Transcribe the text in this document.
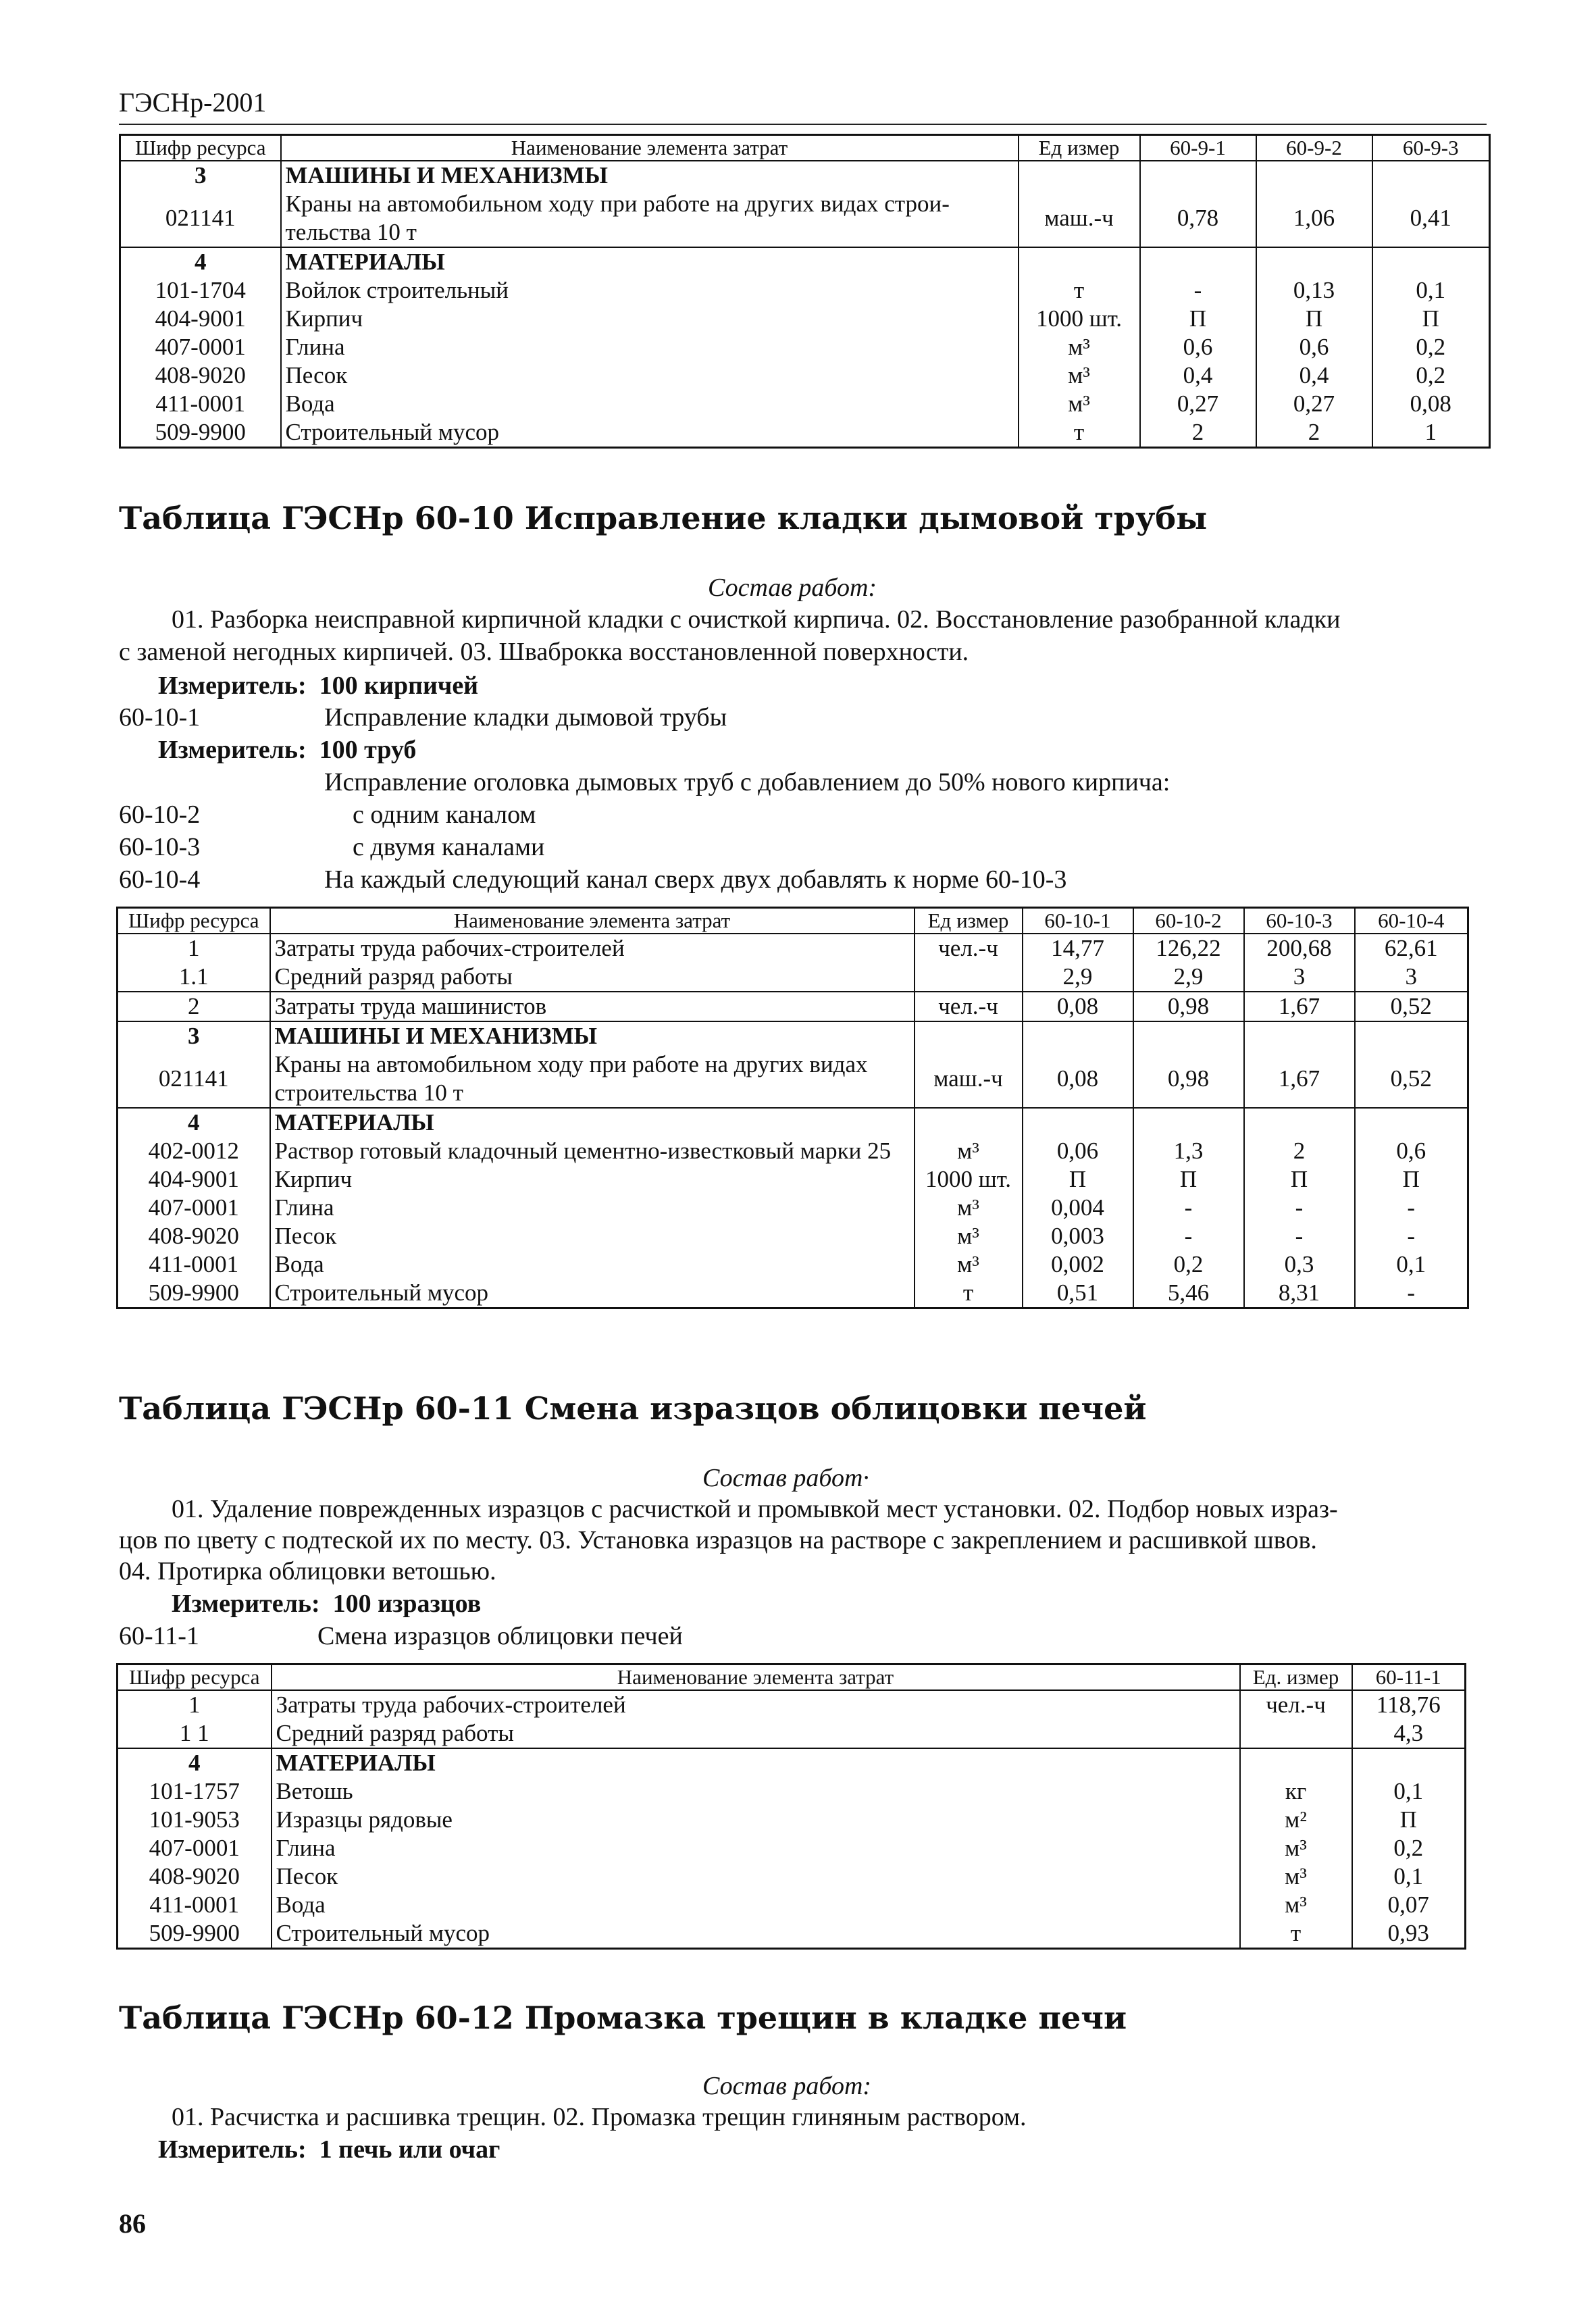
ГЭСНр-2001
Шифр ресурса	Наименование элемента затрат	Ед измер	60-9-1	60-9-2	60-9-3
3	МАШИНЫ И МЕХАНИЗМЫ				
021141	Краны на автомобильном ходу при работе на других видах строи-тельства 10 т	маш.-ч	0,78	1,06	0,41
4	МАТЕРИАЛЫ				
101-1704	Войлок строительный	т	-	0,13	0,1
404-9001	Кирпич	1000 шт.	П	П	П
407-0001	Глина	м³	0,6	0,6	0,2
408-9020	Песок	м³	0,4	0,4	0,2
411-0001	Вода	м³	0,27	0,27	0,08
509-9900	Строительный мусор	т	2	2	1
Таблица ГЭСНр 60-10 Исправление кладки дымовой трубы
Состав работ:
01. Разборка неисправной кирпичной кладки с очисткой кирпича. 02. Восстановление разобранной кладки
с заменой негодных кирпичей. 03. Шваброкка восстановленной поверхности.
Измеритель: 100 кирпичей
60-10-1	Исправление кладки дымовой трубы
Измеритель: 100 труб
Исправление оголовка дымовых труб с добавлением до 50% нового кирпича:
60-10-2	с одним каналом
60-10-3	с двумя каналами
60-10-4	На каждый следующий канал сверх двух добавлять к норме 60-10-3
Шифр ресурса	Наименование элемента затрат	Ед измер	60-10-1	60-10-2	60-10-3	60-10-4
1	Затраты труда рабочих-строителей	чел.-ч	14,77	126,22	200,68	62,61
1.1	Средний разряд работы		2,9	2,9	3	3
2	Затраты труда машинистов	чел.-ч	0,08	0,98	1,67	0,52
3	МАШИНЫ И МЕХАНИЗМЫ					
021141	Краны на автомобильном ходу при работе на других видах строительства 10 т	маш.-ч	0,08	0,98	1,67	0,52
4	МАТЕРИАЛЫ					
402-0012	Раствор готовый кладочный цементно-известковый марки 25	м³	0,06	1,3	2	0,6
404-9001	Кирпич	1000 шт.	П	П	П	П
407-0001	Глина	м³	0,004	-	-	-
408-9020	Песок	м³	0,003	-	-	-
411-0001	Вода	м³	0,002	0,2	0,3	0,1
509-9900	Строительный мусор	т	0,51	5,46	8,31	-
Таблица ГЭСНр 60-11 Смена изразцов облицовки печей
Состав работ·
01. Удаление поврежденных изразцов с расчисткой и промывкой мест установки. 02. Подбор новых израз-
цов по цвету с подтеской их по месту. 03. Установка изразцов на растворе с закреплением и расшивкой швов.
04. Протирка облицовки ветошью.
Измеритель: 100 изразцов
60-11-1	Смена изразцов облицовки печей
Шифр ресурса	Наименование элемента затрат	Ед. измер	60-11-1
1	Затраты труда рабочих-строителей	чел.-ч	118,76
1 1	Средний разряд работы		4,3
4	МАТЕРИАЛЫ		
101-1757	Ветошь	кг	0,1
101-9053	Изразцы рядовые	м²	П
407-0001	Глина	м³	0,2
408-9020	Песок	м³	0,1
411-0001	Вода	м³	0,07
509-9900	Строительный мусор	т	0,93
Таблица ГЭСНр 60-12 Промазка трещин в кладке печи
Состав работ:
01. Расчистка и расшивка трещин. 02. Промазка трещин глиняным раствором.
Измеритель: 1 печь или очаг
86
